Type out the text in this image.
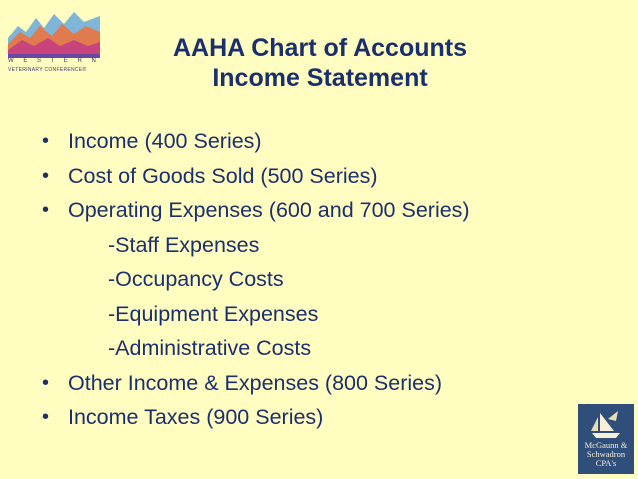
W E S T E R N
VETERINARY CONFERENCE®
AAHA Chart of Accounts
Income Statement
• Income (400 Series)
• Cost of Goods Sold (500 Series)
• Operating Expenses (600 and 700 Series)
-Staff Expenses
-Occupancy Costs
-Equipment Expenses
-Administrative Costs
• Other Income & Expenses (800 Series)
• Income Taxes (900 Series)
McGaunn &
Schwadron
CPA's
